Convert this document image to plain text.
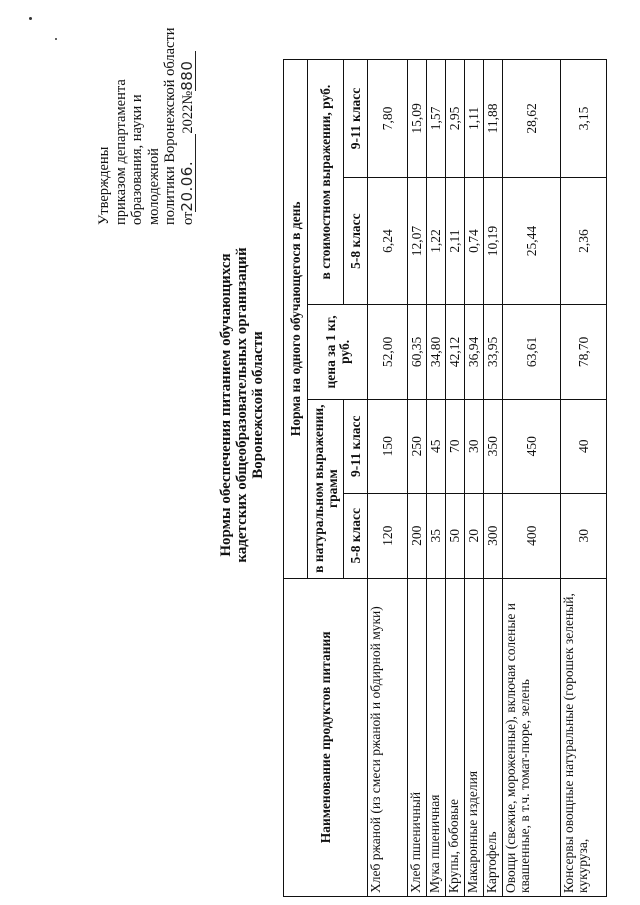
Утверждены приказом департамента образования, науки и молодежной политики Воронежской области от20.06.2022№880
Нормы обеспечения питанием обучающихся кадетских общеобразовательных организаций Воронежской области
Наименование продуктов питания	Норма на одного обучающегося в день				
	в натуральном выражении, грамм		цена за 1 кг, руб.	в стоимостном выражении, руб.	
	5-8 класс	9-11 класс		5-8 класс	9-11 класс
Хлеб ржаной (из смеси ржаной и обдирной муки)	120	150	52,00	6,24	7,80
Хлеб пшеничный	200	250	60,35	12,07	15,09
Мука пшеничная	35	45	34,80	1,22	1,57
Крупы, бобовые	50	70	42,12	2,11	2,95
Макаронные изделия	20	30	36,94	0,74	1,11
Картофель	300	350	33,95	10,19	11,88
Овощи (свежие, мороженные), включая соленые и квашенные, в т.ч. томат-пюре, зелень	400	450	63,61	25,44	28,62
Консервы овощные натуральные (горошек зеленый, кукуруза,	30	40	78,70	2,36	3,15
